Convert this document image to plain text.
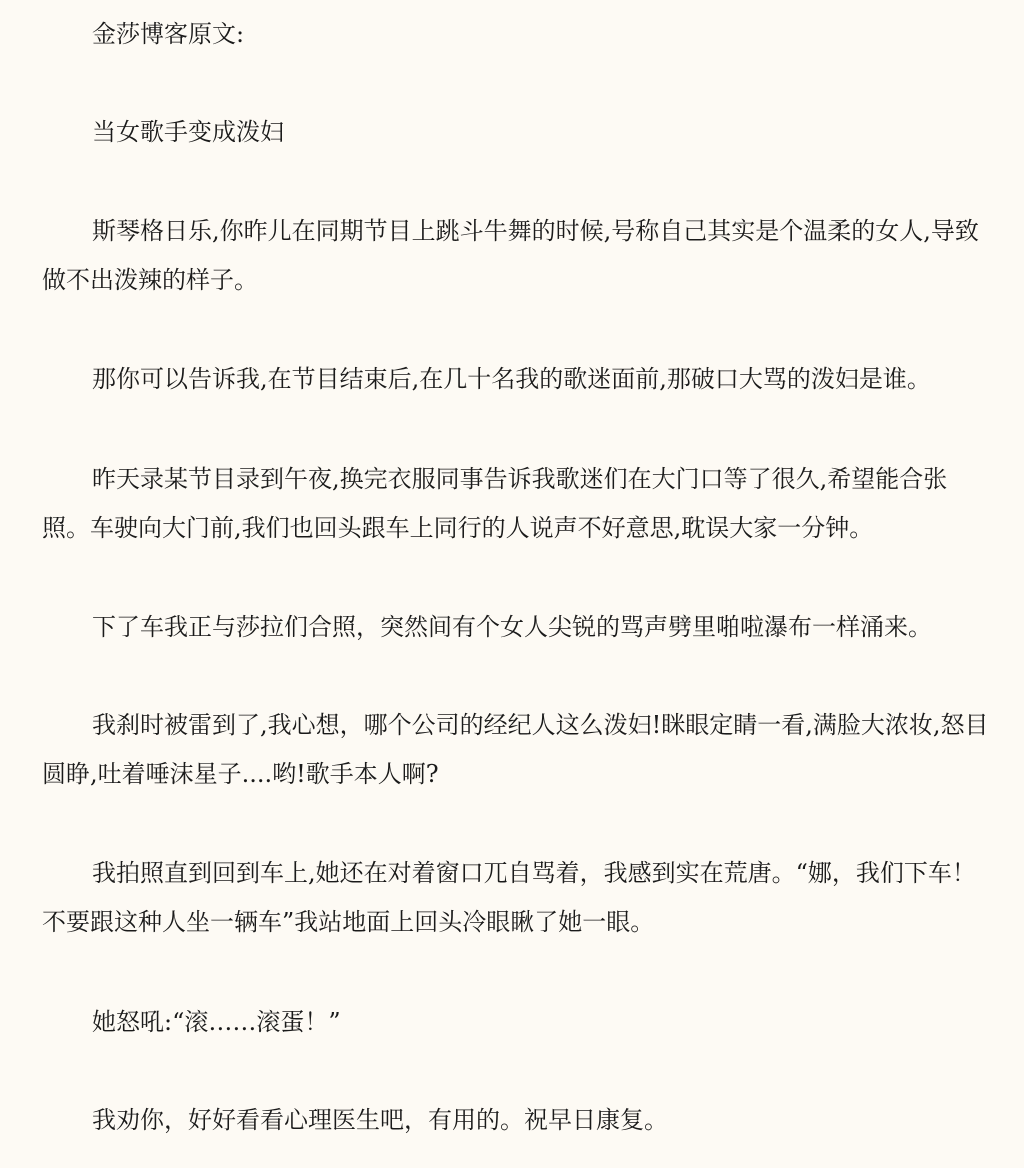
金莎博客原文:

当女歌手变成泼妇

斯琴格日乐,你昨儿在同期节目上跳斗牛舞的时候,号称自己其实是个温柔的女人,导致做不出泼辣的样子。

那你可以告诉我,在节目结束后,在几十名我的歌迷面前,那破口大骂的泼妇是谁。

昨天录某节目录到午夜,换完衣服同事告诉我歌迷们在大门口等了很久,希望能合张照。车驶向大门前,我们也回头跟车上同行的人说声不好意思,耽误大家一分钟。

下了车我正与莎拉们合照，突然间有个女人尖锐的骂声劈里啪啦瀑布一样涌来。

我刹时被雷到了,我心想，哪个公司的经纪人这么泼妇!眯眼定睛一看,满脸大浓妆,怒目圆睁,吐着唾沫星子....哟!歌手本人啊?

我拍照直到回到车上,她还在对着窗口兀自骂着，我感到实在荒唐。“娜，我们下车！不要跟这种人坐一辆车”我站地面上回头冷眼瞅了她一眼。

她怒吼:“滚……滚蛋！”

我劝你，好好看看心理医生吧，有用的。祝早日康复。
